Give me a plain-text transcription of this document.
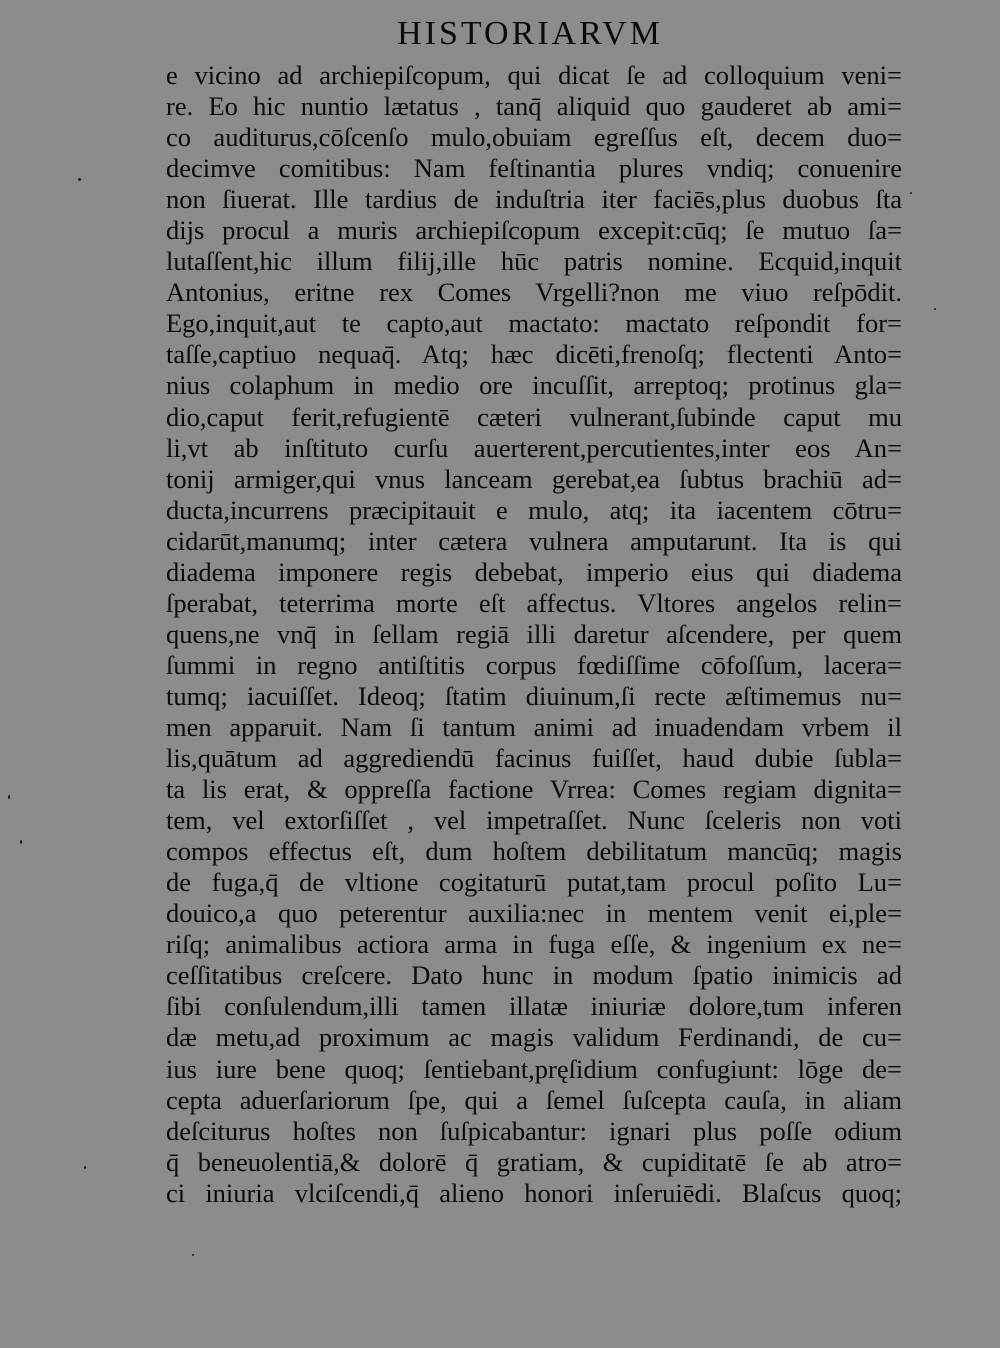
HISTORIARVM
e vicino ad archiepiſcopum, qui dicat ſe ad colloquium veni=
re. Eo hic nuntio lætatus , tanq̄ aliquid quo gauderet ab ami=
co auditurus,cōſcenſo mulo,obuiam egreſſus eſt, decem duo=
decimve comitibus: Nam feſtinantia plures vndiq; conuenire
non ſiuerat. Ille tardius de induſtria iter faciēs,plus duobus ſta
dijs procul a muris archiepiſcopum excepit:cūq; ſe mutuo ſa=
lutaſſent,hic illum filij,ille hūc patris nomine. Ecquid,inquit
Antonius, eritne rex Comes Vrgelli?non me viuo reſpōdit.
Ego,inquit,aut te capto,aut mactato: mactato reſpondit for=
taſſe,captiuo nequaq̄. Atq; hæc dicēti,frenoſq; flectenti Anto=
nius colaphum in medio ore incuſſit, arreptoq; protinus gla=
dio,caput ferit,refugientē cæteri vulnerant,ſubinde caput mu
li,vt ab inſtituto curſu auerterent,percutientes,inter eos An=
tonij armiger,qui vnus lanceam gerebat,ea ſubtus brachiū ad=
ducta,incurrens præcipitauit e mulo, atq; ita iacentem cōtru=
cidarūt,manumq; inter cætera vulnera amputarunt. Ita is qui
diadema imponere regis debebat, imperio eius qui diadema
ſperabat, teterrima morte eſt affectus. Vltores angelos relin=
quens,ne vnq̄ in ſellam regiā illi daretur aſcendere, per quem
ſummi in regno antiſtitis corpus fœdiſſime cōfoſſum, lacera=
tumq; iacuiſſet. Ideoq; ſtatim diuinum,ſi recte æſtimemus nu=
men apparuit. Nam ſi tantum animi ad inuadendam vrbem il
lis,quātum ad aggrediendū facinus fuiſſet, haud dubie ſubla=
ta lis erat, & oppreſſa factione Vrrea: Comes regiam dignita=
tem, vel extorſiſſet , vel impetraſſet. Nunc ſceleris non voti
compos effectus eſt, dum hoſtem debilitatum mancūq; magis
de fuga,q̄ de vltione cogitaturū putat,tam procul poſito Lu=
douico,a quo peterentur auxilia:nec in mentem venit ei,ple=
riſq; animalibus actiora arma in fuga eſſe, & ingenium ex ne=
ceſſitatibus creſcere. Dato hunc in modum ſpatio inimicis ad
ſibi conſulendum,illi tamen illatæ iniuriæ dolore,tum inferen
dæ metu,ad proximum ac magis validum Ferdinandi, de cu=
ius iure bene quoq; ſentiebant,pręſidium confugiunt: lōge de=
cepta aduerſariorum ſpe, qui a ſemel ſuſcepta cauſa, in aliam
deſciturus hoſtes non ſuſpicabantur: ignari plus poſſe odium
q̄ beneuolentiā,& dolorē q̄ gratiam, & cupiditatē ſe ab atro=
ci iniuria vlciſcendi,q̄ alieno honori inſeruiēdi. Blaſcus quoq;
